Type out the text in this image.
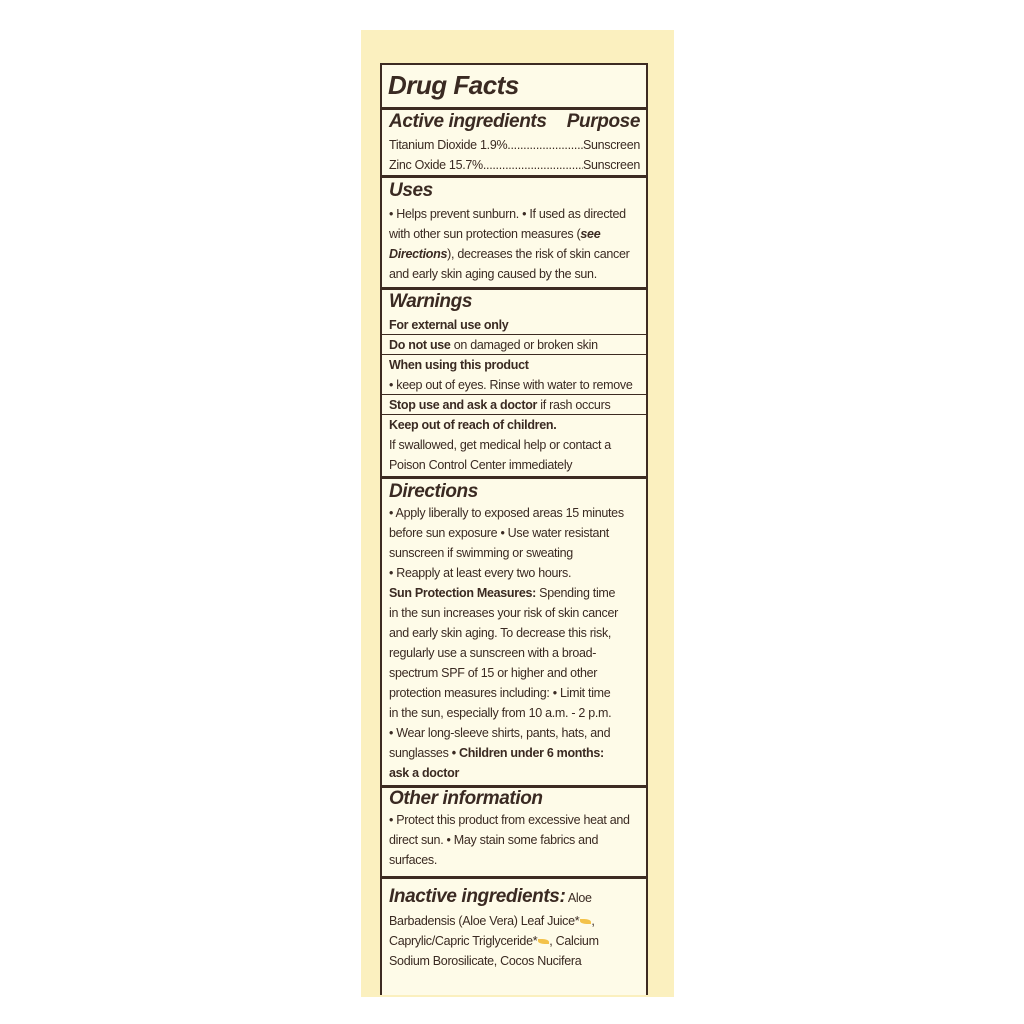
Drug Facts
Active ingredients Purpose
Titanium Dioxide 1.9% .....	Sunscreen
Zinc Oxide 15.7% .....	Sunscreen
Uses
• Helps prevent sunburn. • If used as directed
with other sun protection measures (see
Directions), decreases the risk of skin cancer
and early skin aging caused by the sun.
Warnings
For external use only
Do not use on damaged or broken skin
When using this product
• keep out of eyes. Rinse with water to remove
Stop use and ask a doctor if rash occurs
Keep out of reach of children.
If swallowed, get medical help or contact a
Poison Control Center immediately
Directions
• Apply liberally to exposed areas 15 minutes
before sun exposure • Use water resistant
sunscreen if swimming or sweating
• Reapply at least every two hours.
Sun Protection Measures: Spending time
in the sun increases your risk of skin cancer
and early skin aging. To decrease this risk,
regularly use a sunscreen with a broad-
spectrum SPF of 15 or higher and other
protection measures including: • Limit time
in the sun, especially from 10 a.m. - 2 p.m.
• Wear long-sleeve shirts, pants, hats, and
sunglasses • Children under 6 months:
ask a doctor
Other information
• Protect this product from excessive heat and
direct sun. • May stain some fabrics and
surfaces.
Inactive ingredients: Aloe
Barbadensis (Aloe Vera) Leaf Juice* ,
Caprylic/Capric Triglyceride* , Calcium
Sodium Borosilicate, Cocos Nucifera
